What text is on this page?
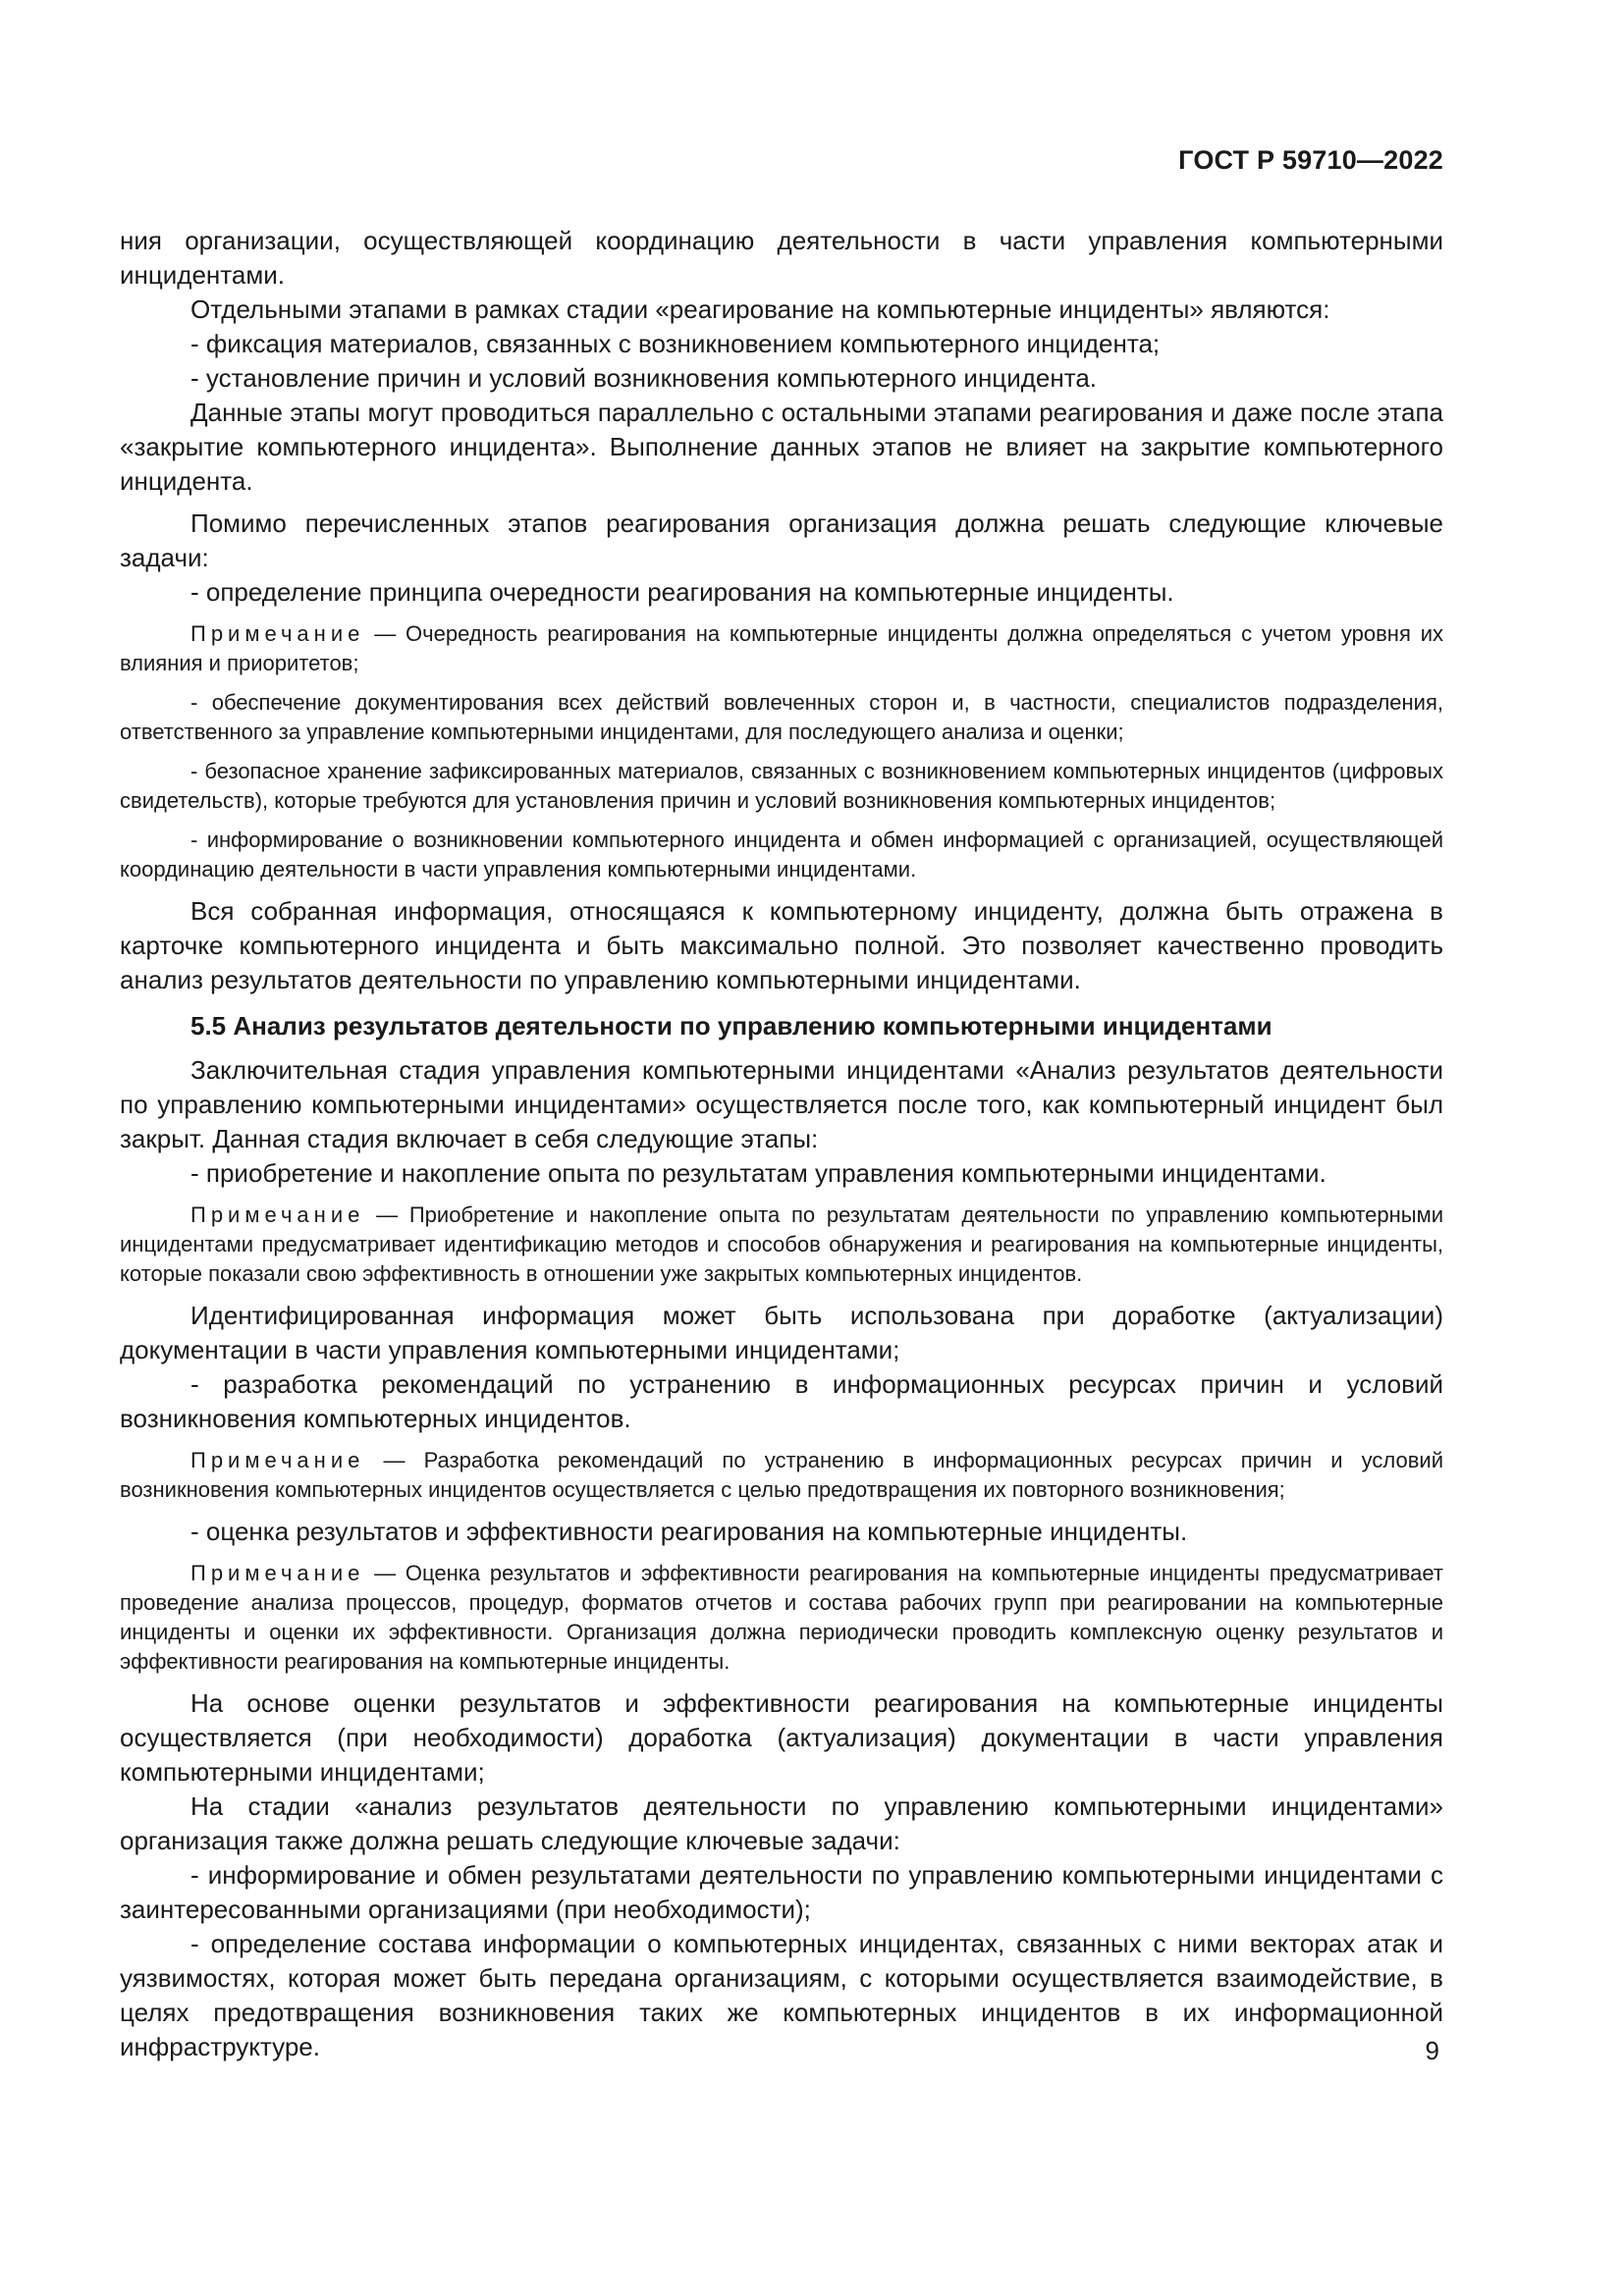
ГОСТ Р 59710—2022

ния организации, осуществляющей координацию деятельности в части управления компьютерными инцидентами.

Отдельными этапами в рамках стадии «реагирование на компьютерные инциденты» являются:

- фиксация материалов, связанных с возникновением компьютерного инцидента;

- установление причин и условий возникновения компьютерного инцидента.

Данные этапы могут проводиться параллельно с остальными этапами реагирования и даже после этапа «закрытие компьютерного инцидента». Выполнение данных этапов не влияет на закрытие компьютерного инцидента.

Помимо перечисленных этапов реагирования организация должна решать следующие ключевые задачи:

- определение принципа очередности реагирования на компьютерные инциденты.

Примечание — Очередность реагирования на компьютерные инциденты должна определяться с учетом уровня их влияния и приоритетов;

- обеспечение документирования всех действий вовлеченных сторон и, в частности, специалистов подразделения, ответственного за управление компьютерными инцидентами, для последующего анализа и оценки;

- безопасное хранение зафиксированных материалов, связанных с возникновением компьютерных инцидентов (цифровых свидетельств), которые требуются для установления причин и условий возникновения компьютерных инцидентов;

- информирование о возникновении компьютерного инцидента и обмен информацией с организацией, осуществляющей координацию деятельности в части управления компьютерными инцидентами.

Вся собранная информация, относящаяся к компьютерному инциденту, должна быть отражена в карточке компьютерного инцидента и быть максимально полной. Это позволяет качественно проводить анализ результатов деятельности по управлению компьютерными инцидентами.

5.5 Анализ результатов деятельности по управлению компьютерными инцидентами

Заключительная стадия управления компьютерными инцидентами «Анализ результатов деятельности по управлению компьютерными инцидентами» осуществляется после того, как компьютерный инцидент был закрыт. Данная стадия включает в себя следующие этапы:

- приобретение и накопление опыта по результатам управления компьютерными инцидентами.

Примечание — Приобретение и накопление опыта по результатам деятельности по управлению компьютерными инцидентами предусматривает идентификацию методов и способов обнаружения и реагирования на компьютерные инциденты, которые показали свою эффективность в отношении уже закрытых компьютерных инцидентов.

Идентифицированная информация может быть использована при доработке (актуализации) документации в части управления компьютерными инцидентами;

- разработка рекомендаций по устранению в информационных ресурсах причин и условий возникновения компьютерных инцидентов.

Примечание — Разработка рекомендаций по устранению в информационных ресурсах причин и условий возникновения компьютерных инцидентов осуществляется с целью предотвращения их повторного возникновения;

- оценка результатов и эффективности реагирования на компьютерные инциденты.

Примечание — Оценка результатов и эффективности реагирования на компьютерные инциденты предусматривает проведение анализа процессов, процедур, форматов отчетов и состава рабочих групп при реагировании на компьютерные инциденты и оценки их эффективности. Организация должна периодически проводить комплексную оценку результатов и эффективности реагирования на компьютерные инциденты.

На основе оценки результатов и эффективности реагирования на компьютерные инциденты осуществляется (при необходимости) доработка (актуализация) документации в части управления компьютерными инцидентами;

На стадии «анализ результатов деятельности по управлению компьютерными инцидентами» организация также должна решать следующие ключевые задачи:

- информирование и обмен результатами деятельности по управлению компьютерными инцидентами с заинтересованными организациями (при необходимости);

- определение состава информации о компьютерных инцидентах, связанных с ними векторах атак и уязвимостях, которая может быть передана организациям, с которыми осуществляется взаимодействие, в целях предотвращения возникновения таких же компьютерных инцидентов в их информационной инфраструктуре.	9
